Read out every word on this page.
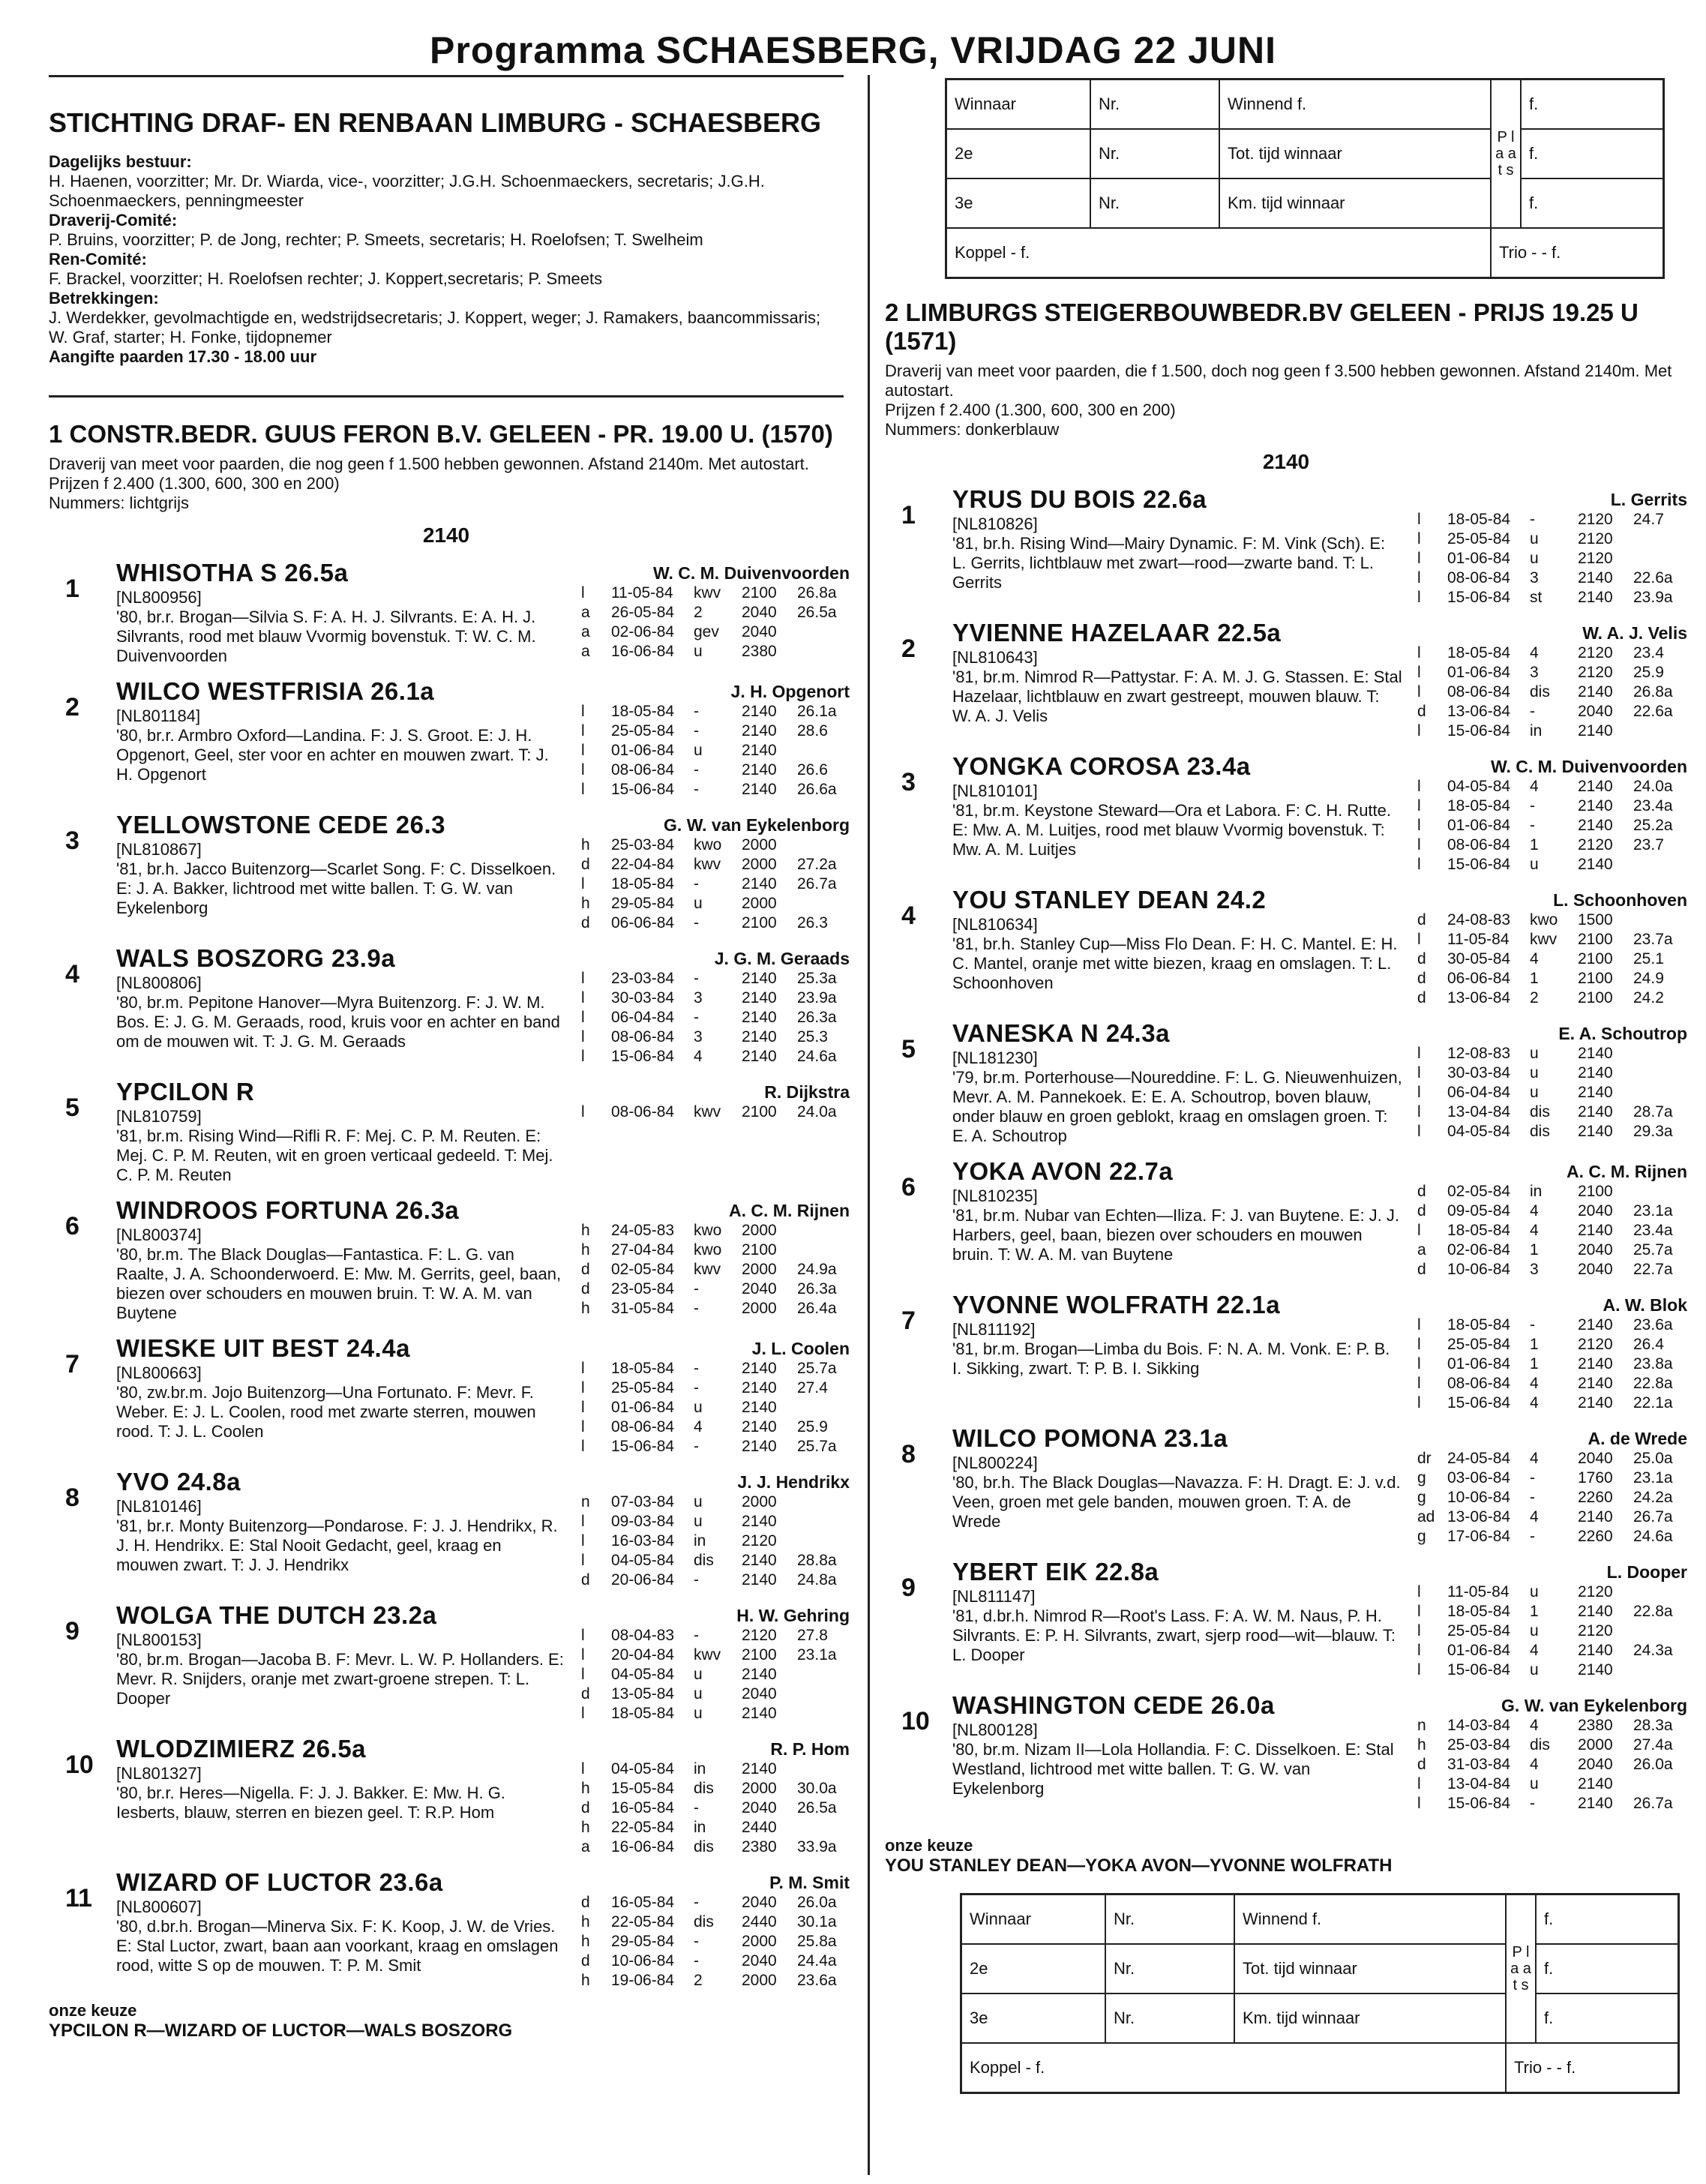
Programma SCHAESBERG, VRIJDAG 22 JUNI
STICHTING DRAF- EN RENBAAN LIMBURG - SCHAESBERG
Dagelijks bestuur:
H. Haenen, voorzitter; Mr. Dr. Wiarda, vice-, voorzitter; J.G.H. Schoenmaeckers, secretaris; J.G.H. Schoenmaeckers, penningmeester
Draverij-Comité:
P. Bruins, voorzitter; P. de Jong, rechter; P. Smeets, secretaris; H. Roelofsen; T. Swelheim
Ren-Comité:
F. Brackel, voorzitter; H. Roelofsen rechter; J. Koppert,secretaris; P. Smeets
Betrekkingen:
J. Werdekker, gevolmachtigde en, wedstrijdsecretaris; J. Koppert, weger; J. Ramakers, baancommissaris; W. Graf, starter; H. Fonke, tijdopnemer
Aangifte paarden 17.30 - 18.00 uur
1 CONSTR.BEDR. GUUS FERON B.V. GELEEN - PR. 19.00 U. (1570)
Draverij van meet voor paarden, die nog geen f 1.500 hebben gewonnen. Afstand 2140m. Met autostart.
Prijzen f 2.400 (1.300, 600, 300 en 200)
Nummers: lichtgrijs
2140
1
WHISOTHA S 26.5a
[NL800956]
'80, br.r. Brogan—Silvia S. F: A. H. J. Silvrants. E: A. H. J. Silvrants, rood met blauw Vvormig bovenstuk. T: W. C. M. Duivenvoorden
W. C. M. Duivenvoorden
l	11-05-84	kwv	2100	26.8a
a	26-05-84	2	2040	26.5a
a	02-06-84	gev	2040
a	16-06-84	u	2380
2
WILCO WESTFRISIA 26.1a
[NL801184]
'80, br.r. Armbro Oxford—Landina. F: J. S. Groot. E: J. H. Opgenort, Geel, ster voor en achter en mouwen zwart. T: J. H. Opgenort
J. H. Opgenort
l	18-05-84	-	2140	26.1a
l	25-05-84	-	2140	28.6
l	01-06-84	u	2140
l	08-06-84	-	2140	26.6
l	15-06-84	-	2140	26.6a
3
YELLOWSTONE CEDE 26.3
[NL810867]
'81, br.h. Jacco Buitenzorg—Scarlet Song. F: C. Disselkoen. E: J. A. Bakker, lichtrood met witte ballen. T: G. W. van Eykelenborg
G. W. van Eykelenborg
h	25-03-84	kwo	2000
d	22-04-84	kwv	2000	27.2a
l	18-05-84	-	2140	26.7a
h	29-05-84	u	2000
d	06-06-84	-	2100	26.3
4
WALS BOSZORG 23.9a
[NL800806]
'80, br.m. Pepitone Hanover—Myra Buitenzorg. F: J. W. M. Bos. E: J. G. M. Geraads, rood, kruis voor en achter en band om de mouwen wit. T: J. G. M. Geraads
J. G. M. Geraads
l	23-03-84	-	2140	25.3a
l	30-03-84	3	2140	23.9a
l	06-04-84	-	2140	26.3a
l	08-06-84	3	2140	25.3
l	15-06-84	4	2140	24.6a
5
YPCILON R
[NL810759]
'81, br.m. Rising Wind—Rifli R. F: Mej. C. P. M. Reuten. E: Mej. C. P. M. Reuten, wit en groen verticaal gedeeld. T: Mej. C. P. M. Reuten
R. Dijkstra
l	08-06-84	kwv	2100	24.0a
6
WINDROOS FORTUNA 26.3a
[NL800374]
'80, br.m. The Black Douglas—Fantastica. F: L. G. van Raalte, J. A. Schoonderwoerd. E: Mw. M. Gerrits, geel, baan, biezen over schouders en mouwen bruin. T: W. A. M. van Buytene
A. C. M. Rijnen
h	24-05-83	kwo	2000
h	27-04-84	kwo	2100
d	02-05-84	kwv	2000	24.9a
d	23-05-84	-	2040	26.3a
h	31-05-84	-	2000	26.4a
7
WIESKE UIT BEST 24.4a
[NL800663]
'80, zw.br.m. Jojo Buitenzorg—Una Fortunato. F: Mevr. F. Weber. E: J. L. Coolen, rood met zwarte sterren, mouwen rood. T: J. L. Coolen
J. L. Coolen
l	18-05-84	-	2140	25.7a
l	25-05-84	-	2140	27.4
l	01-06-84	u	2140
l	08-06-84	4	2140	25.9
l	15-06-84	-	2140	25.7a
8
YVO 24.8a
[NL810146]
'81, br.r. Monty Buitenzorg—Pondarose. F: J. J. Hendrikx, R. J. H. Hendrikx. E: Stal Nooit Gedacht, geel, kraag en mouwen zwart. T: J. J. Hendrikx
J. J. Hendrikx
n	07-03-84	u	2000
l	09-03-84	u	2140
l	16-03-84	in	2120
l	04-05-84	dis	2140	28.8a
d	20-06-84	-	2140	24.8a
9
WOLGA THE DUTCH 23.2a
[NL800153]
'80, br.m. Brogan—Jacoba B. F: Mevr. L. W. P. Hollanders. E: Mevr. R. Snijders, oranje met zwart-groene strepen. T: L. Dooper
H. W. Gehring
l	08-04-83	-	2120	27.8
l	20-04-84	kwv	2100	23.1a
l	04-05-84	u	2140
d	13-05-84	u	2040
l	18-05-84	u	2140
10
WLODZIMIERZ 26.5a
[NL801327]
'80, br.r. Heres—Nigella. F: J. J. Bakker. E: Mw. H. G. Iesberts, blauw, sterren en biezen geel. T: R.P. Hom
R. P. Hom
l	04-05-84	in	2140
h	15-05-84	dis	2000	30.0a
d	16-05-84	-	2040	26.5a
h	22-05-84	in	2440
a	16-06-84	dis	2380	33.9a
11
WIZARD OF LUCTOR 23.6a
[NL800607]
'80, d.br.h. Brogan—Minerva Six. F: K. Koop, J. W. de Vries. E: Stal Luctor, zwart, baan aan voorkant, kraag en omslagen rood, witte S op de mouwen. T: P. M. Smit
P. M. Smit
d	16-05-84	-	2040	26.0a
h	22-05-84	dis	2440	30.1a
h	29-05-84	-	2000	25.8a
d	10-06-84	-	2040	24.4a
h	19-06-84	2	2000	23.6a
onze keuze
YPCILON R—WIZARD OF LUCTOR—WALS BOSZORG
Winnaar	Nr.	Winnend f.	P l a a t s	f.
2e	Nr.	Tot. tijd winnaar		f.
3e	Nr.	Km. tijd winnaar		f.
Koppel - f.			Trio - - f.	
2 LIMBURGS STEIGERBOUWBEDR.BV GELEEN - PRIJS 19.25 U (1571)
Draverij van meet voor paarden, die f 1.500, doch nog geen f 3.500 hebben gewonnen. Afstand 2140m. Met autostart.
Prijzen f 2.400 (1.300, 600, 300 en 200)
Nummers: donkerblauw
2140
1
YRUS DU BOIS 22.6a
[NL810826]
'81, br.h. Rising Wind—Mairy Dynamic. F: M. Vink (Sch). E: L. Gerrits, lichtblauw met zwart—rood—zwarte band. T: L. Gerrits
L. Gerrits
l	18-05-84	-	2120	24.7
l	25-05-84	u	2120
l	01-06-84	u	2120
l	08-06-84	3	2140	22.6a
l	15-06-84	st	2140	23.9a
2
YVIENNE HAZELAAR 22.5a
[NL810643]
'81, br.m. Nimrod R—Pattystar. F: A. M. J. G. Stassen. E: Stal Hazelaar, lichtblauw en zwart gestreept, mouwen blauw. T: W. A. J. Velis
W. A. J. Velis
l	18-05-84	4	2120	23.4
l	01-06-84	3	2120	25.9
l	08-06-84	dis	2140	26.8a
d	13-06-84	-	2040	22.6a
l	15-06-84	in	2140
3
YONGKA COROSA 23.4a
[NL810101]
'81, br.m. Keystone Steward—Ora et Labora. F: C. H. Rutte. E: Mw. A. M. Luitjes, rood met blauw Vvormig bovenstuk. T: Mw. A. M. Luitjes
W. C. M. Duivenvoorden
l	04-05-84	4	2140	24.0a
l	18-05-84	-	2140	23.4a
l	01-06-84	-	2140	25.2a
l	08-06-84	1	2120	23.7
l	15-06-84	u	2140
4
YOU STANLEY DEAN 24.2
[NL810634]
'81, br.h. Stanley Cup—Miss Flo Dean. F: H. C. Mantel. E: H. C. Mantel, oranje met witte biezen, kraag en omslagen. T: L. Schoonhoven
L. Schoonhoven
d	24-08-83	kwo	1500
l	11-05-84	kwv	2100	23.7a
d	30-05-84	4	2100	25.1
d	06-06-84	1	2100	24.9
d	13-06-84	2	2100	24.2
5
VANESKA N 24.3a
[NL181230]
'79, br.m. Porterhouse—Noureddine. F: L. G. Nieuwenhuizen, Mevr. A. M. Pannekoek. E: E. A. Schoutrop, boven blauw, onder blauw en groen geblokt, kraag en omslagen groen. T: E. A. Schoutrop
E. A. Schoutrop
l	12-08-83	u	2140
l	30-03-84	u	2140
l	06-04-84	u	2140
l	13-04-84	dis	2140	28.7a
l	04-05-84	dis	2140	29.3a
6
YOKA AVON 22.7a
[NL810235]
'81, br.m. Nubar van Echten—Iliza. F: J. van Buytene. E: J. J. Harbers, geel, baan, biezen over schouders en mouwen bruin. T: W. A. M. van Buytene
A. C. M. Rijnen
d	02-05-84	in	2100
d	09-05-84	4	2040	23.1a
l	18-05-84	4	2140	23.4a
a	02-06-84	1	2040	25.7a
d	10-06-84	3	2040	22.7a
7
YVONNE WOLFRATH 22.1a
[NL811192]
'81, br.m. Brogan—Limba du Bois. F: N. A. M. Vonk. E: P. B. I. Sikking, zwart. T: P. B. I. Sikking
A. W. Blok
l	18-05-84	-	2140	23.6a
l	25-05-84	1	2120	26.4
l	01-06-84	1	2140	23.8a
l	08-06-84	4	2140	22.8a
l	15-06-84	4	2140	22.1a
8
WILCO POMONA 23.1a
[NL800224]
'80, br.h. The Black Douglas—Navazza. F: H. Dragt. E: J. v.d. Veen, groen met gele banden, mouwen groen. T: A. de Wrede
A. de Wrede
dr	24-05-84	4	2040	25.0a
g	03-06-84	-	1760	23.1a
g	10-06-84	-	2260	24.2a
ad 13-06-84	4	2140	26.7a
g	17-06-84	-	2260	24.6a
9
YBERT EIK 22.8a
[NL811147]
'81, d.br.h. Nimrod R—Root's Lass. F: A. W. M. Naus, P. H. Silvrants. E: P. H. Silvrants, zwart, sjerp rood—wit—blauw. T: L. Dooper
L. Dooper
l	11-05-84	u	2120
l	18-05-84	1	2140	22.8a
l	25-05-84	u	2120
l	01-06-84	4	2140	24.3a
l	15-06-84	u	2140
10
WASHINGTON CEDE 26.0a
[NL800128]
'80, br.m. Nizam II—Lola Hollandia. F: C. Disselkoen. E: Stal Westland, lichtrood met witte ballen. T: G. W. van Eykelenborg
G. W. van Eykelenborg
n	14-03-84	4	2380	28.3a
h	25-03-84	dis	2000	27.4a
d	31-03-84	4	2040	26.0a
l	13-04-84	u	2140
l	15-06-84	-	2140	26.7a
onze keuze
YOU STANLEY DEAN—YOKA AVON—YVONNE WOLFRATH
Winnaar	Nr.	Winnend f.	P l a a t s	f.
2e	Nr.	Tot. tijd winnaar		f.
3e	Nr.	Km. tijd winnaar		f.
Koppel - f.			Trio - - f.	
